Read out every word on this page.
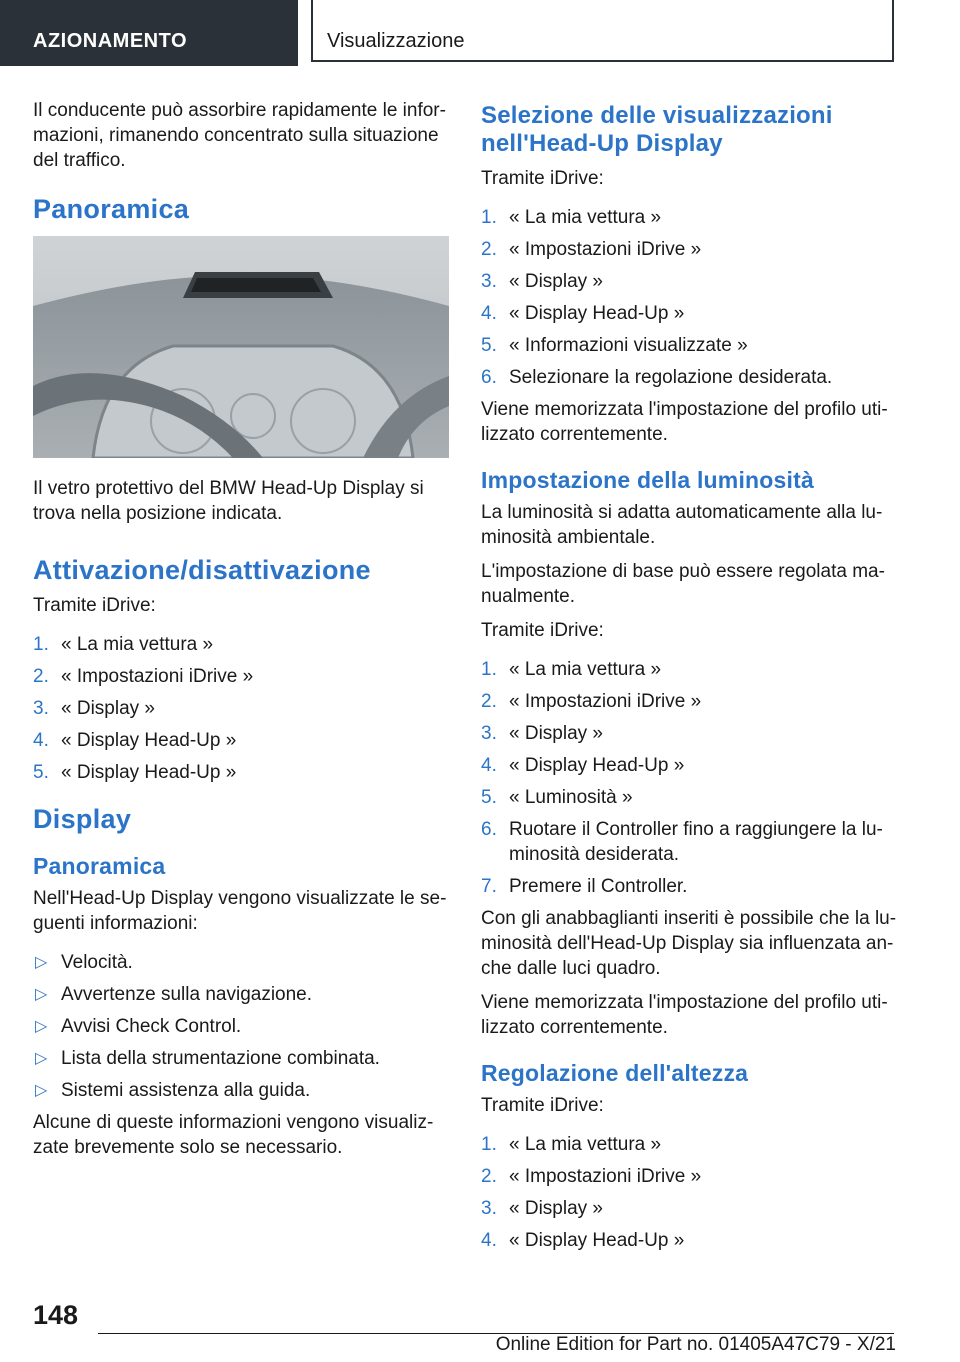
AZIONAMENTO	Visualizzazione

Il conducente può assorbire rapidamente le informazioni, rimanendo concentrato sulla situazione del traffico.

Panoramica

Il vetro protettivo del BMW Head-Up Display si trova nella posizione indicata.

Attivazione/disattivazione

Tramite iDrive:

1. « La mia vettura »
2. « Impostazioni iDrive »
3. « Display »
4. « Display Head-Up »
5. « Display Head-Up »
Display
Panoramica

Nell'Head-Up Display vengono visualizzate le seguenti informazioni:

▷ Velocità.
▷ Avvertenze sulla navigazione.
▷ Avvisi Check Control.
▷ Lista della strumentazione combinata.
▷ Sistemi assistenza alla guida.

Alcune di queste informazioni vengono visualizzate brevemente solo se necessario.

Selezione delle visualizzazioni nell'Head-Up Display

Tramite iDrive:

1. « La mia vettura »
2. « Impostazioni iDrive »
3. « Display »
4. « Display Head-Up »
5. « Informazioni visualizzate »
6. Selezionare la regolazione desiderata.

Viene memorizzata l'impostazione del profilo utilizzato correntemente.

Impostazione della luminosità

La luminosità si adatta automaticamente alla luminosità ambientale.

L'impostazione di base può essere regolata manualmente.

Tramite iDrive:

1. « La mia vettura »
2. « Impostazioni iDrive »
3. « Display »
4. « Display Head-Up »
5. « Luminosità »
6. Ruotare il Controller fino a raggiungere la luminosità desiderata.
7. Premere il Controller.

Con gli anabbaglianti inseriti è possibile che la luminosità dell'Head-Up Display sia influenzata anche dalle luci quadro.

Viene memorizzata l'impostazione del profilo utilizzato correntemente.

Regolazione dell'altezza

Tramite iDrive:

1. « La mia vettura »
2. « Impostazioni iDrive »
3. « Display »
4. « Display Head-Up »
148
Online Edition for Part no. 01405A47C79 - X/21
